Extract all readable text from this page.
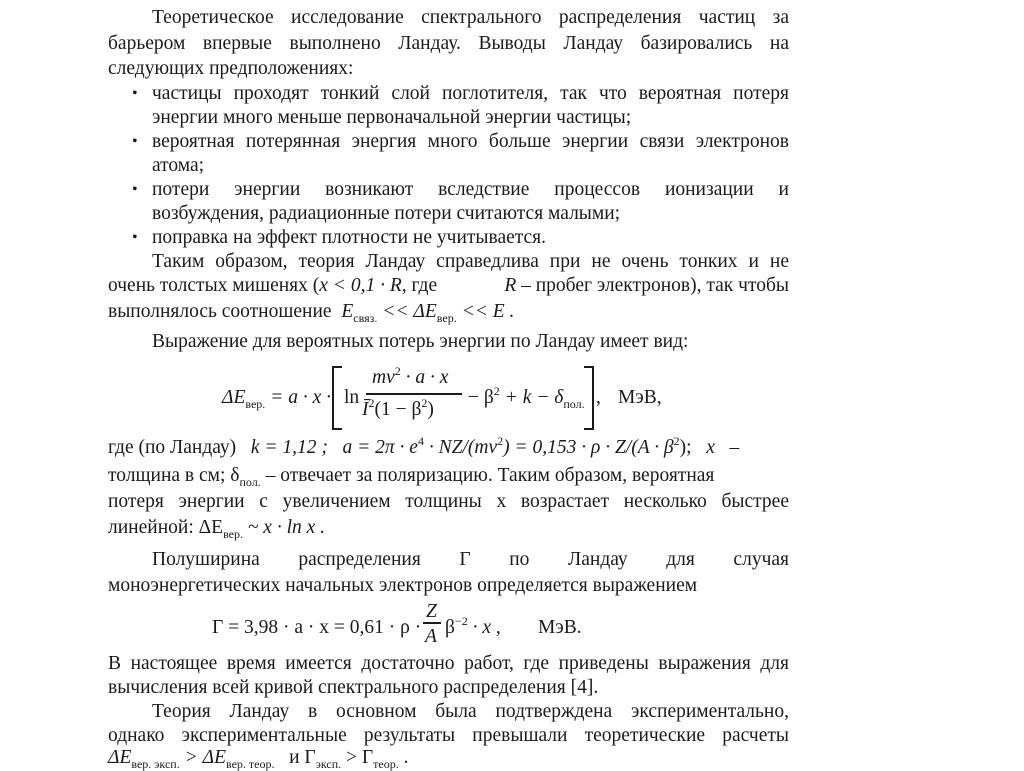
Теоретическое исследование спектрального распределения частиц за
барьером впервые выполнено Ландау. Выводы Ландау базировались на
следующих предположениях:
• частицы проходят тонкий слой поглотителя, так что вероятная потеря
энергии много меньше первоначальной энергии частицы;
• вероятная потерянная энергия много больше энергии связи электронов
атома;
• потери энергии возникают вследствие процессов ионизации и
возбуждения, радиационные потери считаются малыми;
• поправка на эффект плотности не учитывается.
Таким образом, теория Ландау справедлива при не очень тонких и не
очень толстых мишенях (x < 0,1 · R, где	R – пробег электронов), так чтобы
выполнялось соотношение $E_{связ.} << \Delta E_{вер.} << E$ .
Выражение для вероятных потерь энергии по Ландау имеет вид:
$\Delta E_{вер.} = a \cdot x \cdot \ln$
$mv^2 \cdot a \cdot x$
$Ī^2(1 - \beta^2)$
− $\beta^2 + k - \delta_{пол.}$ , МэВ,
где (по Ландау) k = 1,12 ; $a = 2\pi \cdot e^4 \cdot NZ/(mv^2) = 0,153 \cdot \rho \cdot Z/(A \cdot \beta^2)$; x –
толщина в см; $\delta_{пол.}$ – отвечает за поляризацию. Таким образом, вероятная
потеря энергии с увеличением толщины x возрастает несколько быстрее
линейной: $\Delta E_{вер.}$ ~ x · ln x .
Полуширина распределения Г по Ландау для случая
моноэнергетических начальных электронов определяется выражением
Г = 3,98 · a · x = 0,61 · ρ ·
Z
A $\beta^{-2} \cdot x$ , МэВ.
В настоящее время имеется достаточно работ, где приведены выражения для
вычисления всей кривой спектрального распределения [4].
Теория Ландау в основном была подтверждена экспериментально,
однако экспериментальные результаты превышали теоретические расчеты
$\Delta E_{вер. эксп.} > \Delta E_{вер. теор.}$ и $Г_{эксп.} > Г_{теор.}$ .
